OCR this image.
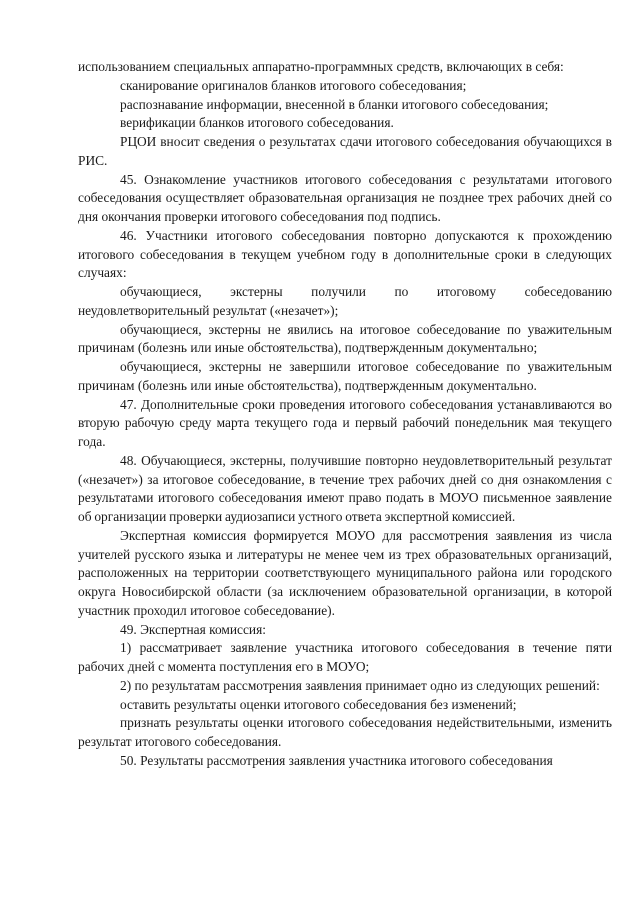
использованием специальных аппаратно-программных средств, включающих в себя:

сканирование оригиналов бланков итогового собеседования;

распознавание информации, внесенной в бланки итогового собеседования;

верификации бланков итогового собеседования.

РЦОИ вносит сведения о результатах сдачи итогового собеседования обучающихся в РИС.

45. Ознакомление участников итогового собеседования с результатами итогового собеседования осуществляет образовательная организация не позднее трех рабочих дней со дня окончания проверки итогового собеседования под подпись.

46. Участники итогового собеседования повторно допускаются к прохождению итогового собеседования в текущем учебном году в дополнительные сроки в следующих случаях:

обучающиеся, экстерны получили по итоговому собеседованию неудовлетворительный результат («незачет»);

обучающиеся, экстерны не явились на итоговое собеседование по уважительным причинам (болезнь или иные обстоятельства), подтвержденным документально;

обучающиеся, экстерны не завершили итоговое собеседование по уважительным причинам (болезнь или иные обстоятельства), подтвержденным документально.

47. Дополнительные сроки проведения итогового собеседования устанавливаются во вторую рабочую среду марта текущего года и первый рабочий понедельник мая текущего года.

48. Обучающиеся, экстерны, получившие повторно неудовлетворительный результат («незачет») за итоговое собеседование, в течение трех рабочих дней со дня ознакомления с результатами итогового собеседования имеют право подать в МОУО письменное заявление об организации проверки аудиозаписи устного ответа экспертной комиссией.

Экспертная комиссия формируется МОУО для рассмотрения заявления из числа учителей русского языка и литературы не менее чем из трех образовательных организаций, расположенных на территории соответствующего муниципального района или городского округа Новосибирской области (за исключением образовательной организации, в которой участник проходил итоговое собеседование).

49. Экспертная комиссия:

1) рассматривает заявление участника итогового собеседования в течение пяти рабочих дней с момента поступления его в МОУО;

2) по результатам рассмотрения заявления принимает одно из следующих решений:

оставить результаты оценки итогового собеседования без изменений;

признать результаты оценки итогового собеседования недействительными, изменить результат итогового собеседования.

50. Результаты рассмотрения заявления участника итогового собеседования
